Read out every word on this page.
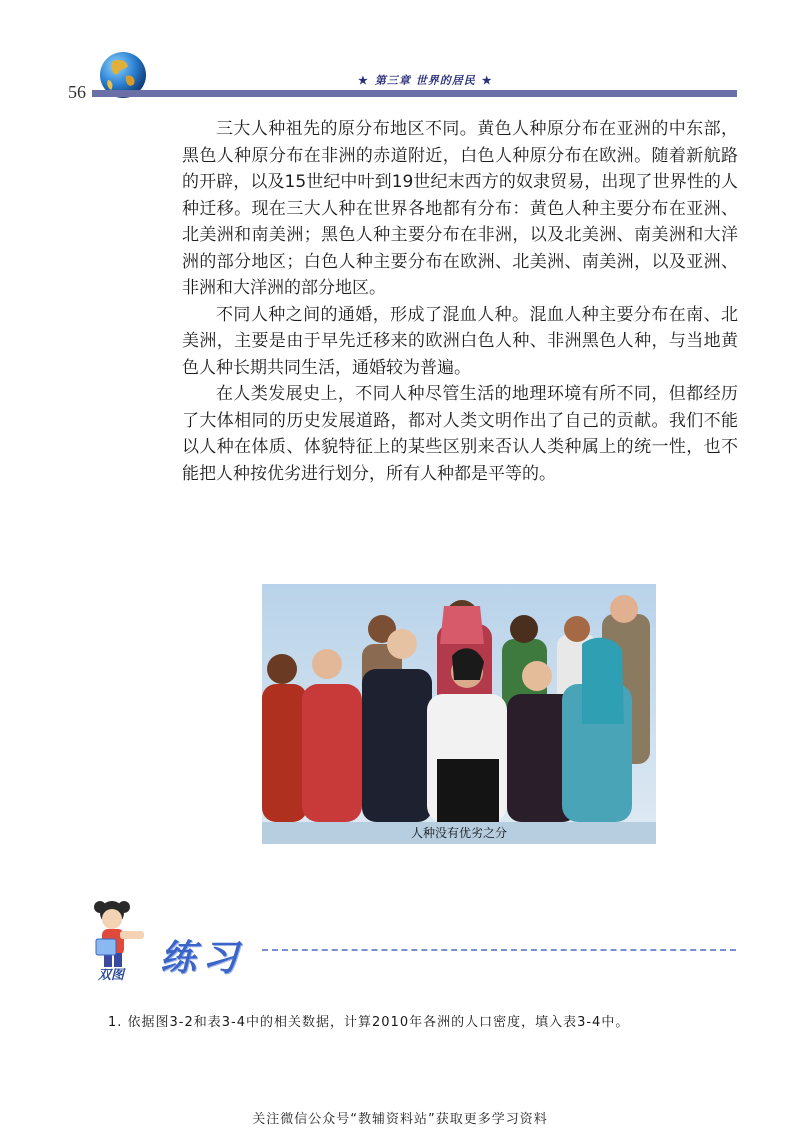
56
★ 第三章 世界的居民 ★

三大人种祖先的原分布地区不同。黄色人种原分布在亚洲的中东部，黑色人种原分布在非洲的赤道附近，白色人种原分布在欧洲。随着新航路的开辟，以及15世纪中叶到19世纪末西方的奴隶贸易，出现了世界性的人种迁移。现在三大人种在世界各地都有分布：黄色人种主要分布在亚洲、北美洲和南美洲；黑色人种主要分布在非洲，以及北美洲、南美洲和大洋洲的部分地区；白色人种主要分布在欧洲、北美洲、南美洲，以及亚洲、非洲和大洋洲的部分地区。

不同人种之间的通婚，形成了混血人种。混血人种主要分布在南、北美洲，主要是由于早先迁移来的欧洲白色人种、非洲黑色人种，与当地黄色人种长期共同生活，通婚较为普遍。

在人类发展史上，不同人种尽管生活的地理环境有所不同，但都经历了大体相同的历史发展道路，都对人类文明作出了自己的贡献。我们不能以人种在体质、体貌特征上的某些区别来否认人类种属上的统一性，也不能把人种按优劣进行划分，所有人种都是平等的。

人种没有优劣之分
双图 练习
1. 依据图3-2和表3-4中的相关数据，计算2010年各洲的人口密度，填入表3-4中。
关注微信公众号“教辅资料站”获取更多学习资料
